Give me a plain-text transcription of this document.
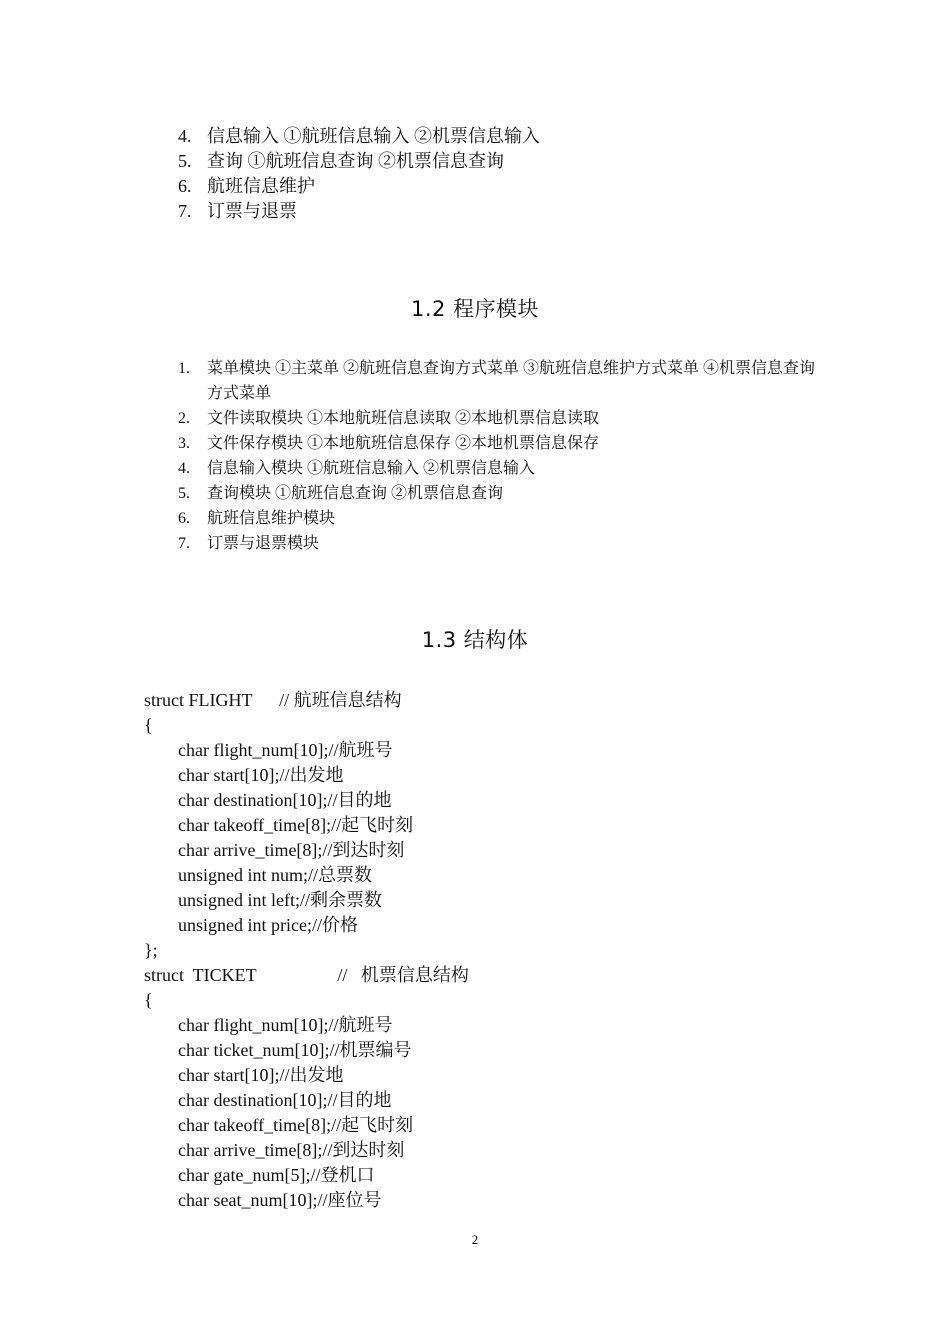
4. 信息输入 ①航班信息输入 ②机票信息输入
5. 查询 ①航班信息查询 ②机票信息查询
6. 航班信息维护
7. 订票与退票
1.2 程序模块
1. 菜单模块 ①主菜单 ②航班信息查询方式菜单 ③航班信息维护方式菜单 ④机票信息查询方式菜单
2. 文件读取模块 ①本地航班信息读取 ②本地机票信息读取
3. 文件保存模块 ①本地航班信息保存 ②本地机票信息保存
4. 信息输入模块 ①航班信息输入 ②机票信息输入
5. 查询模块 ①航班信息查询 ②机票信息查询
6. 航班信息维护模块
7. 订票与退票模块
1.3 结构体
struct FLIGHT      // 航班信息结构
{
char flight_num[10];//航班号
char start[10];//出发地
char destination[10];//目的地
char takeoff_time[8];//起飞时刻
char arrive_time[8];//到达时刻
unsigned int num;//总票数
unsigned int left;//剩余票数
unsigned int price;//价格
};
struct  TICKET                  //   机票信息结构
{
char flight_num[10];//航班号
char ticket_num[10];//机票编号
char start[10];//出发地
char destination[10];//目的地
char takeoff_time[8];//起飞时刻
char arrive_time[8];//到达时刻
char gate_num[5];//登机口
char seat_num[10];//座位号
2
